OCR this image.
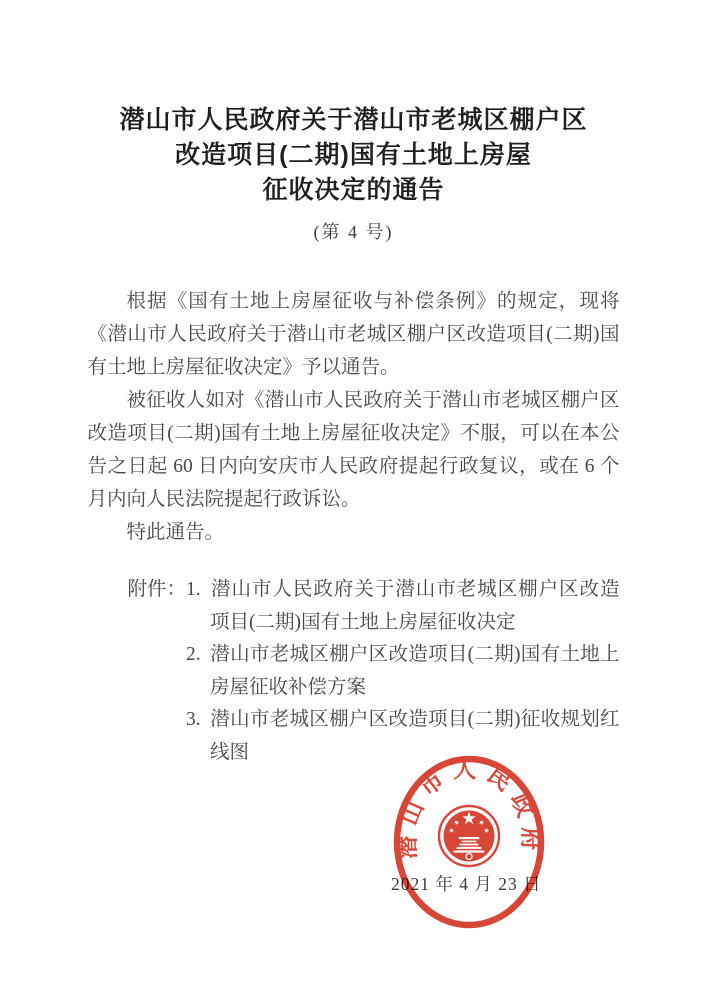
潜山市人民政府关于潜山市老城区棚户区
改造项目(二期)国有土地上房屋
征收决定的通告
(第 4 号)

根据《国有土地上房屋征收与补偿条例》的规定，现将《潜山市人民政府关于潜山市老城区棚户区改造项目(二期)国有土地上房屋征收决定》予以通告。

被征收人如对《潜山市人民政府关于潜山市老城区棚户区改造项目(二期)国有土地上房屋征收决定》不服，可以在本公告之日起 60 日内向安庆市人民政府提起行政复议，或在 6 个月内向人民法院提起行政诉讼。

特此通告。

附件： 1. 潜山市人民政府关于潜山市老城区棚户区改造项目(二期)国有土地上房屋征收决定
2. 潜山市老城区棚户区改造项目(二期)国有土地上房屋征收补偿方案
3. 潜山市老城区棚户区改造项目(二期)征收规划红线图
2021 年 4 月 23 日
潜山市人民政府
